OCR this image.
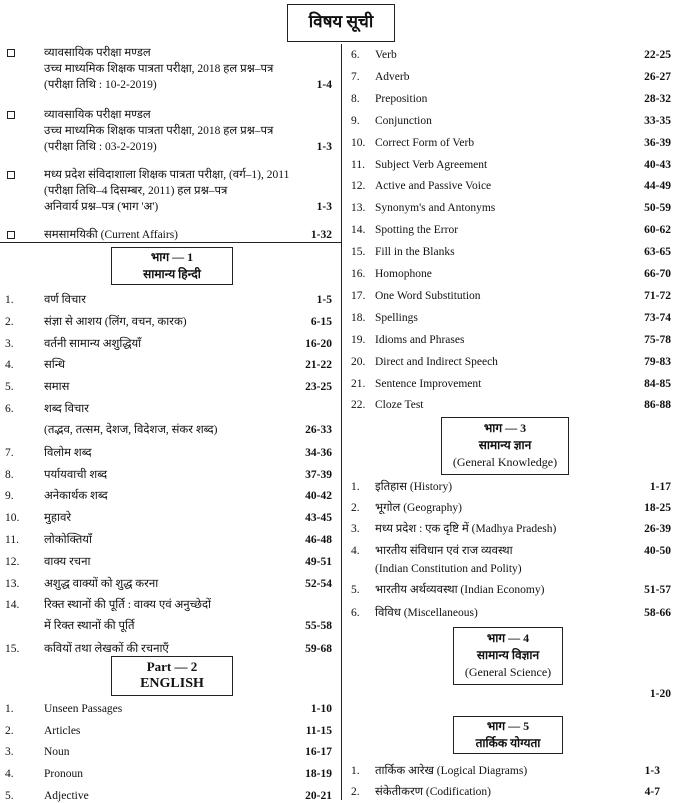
विषय सूची
व्यावसायिक परीक्षा मण्डल
उच्च माध्यमिक शिक्षक पात्रता परीक्षा, 2018 हल प्रश्न–पत्र
(परीक्षा तिथि : 10-2-2019)	1-4
व्यावसायिक परीक्षा मण्डल
उच्च माध्यमिक शिक्षक पात्रता परीक्षा, 2018 हल प्रश्न–पत्र
(परीक्षा तिथि : 03-2-2019)	1-3
मध्य प्रदेश संविदाशाला शिक्षक पात्रता परीक्षा, (वर्ग–1), 2011
(परीक्षा तिथि–4 दिसम्बर, 2011) हल प्रश्न–पत्र
अनिवार्य प्रश्न–पत्र (भाग 'अ')	1-3
समसामयिकी (Current Affairs)	1-32
भाग — 1
सामान्य हिन्दी
1.	वर्ण विचार	1-5
2.	संज्ञा से आशय (लिंग, वचन, कारक)	6-15
3.	वर्तनी सामान्य अशुद्धियाँ	16-20
4.	सन्धि	21-22
5.	समास	23-25
6.	शब्द विचार
(तद्भव, तत्सम, देशज, विदेशज, संकर शब्द)	26-33
7.	विलोम शब्द	34-36
8.	पर्यायवाची शब्द	37-39
9.	अनेकार्थक शब्द	40-42
10. मुहावरे	43-45
11. लोकोक्तियाँ	46-48
12. वाक्य रचना	49-51
13. अशुद्ध वाक्यों को शुद्ध करना	52-54
14. रिक्त स्थानों की पूर्ति : वाक्य एवं अनुच्छेदों
में रिक्त स्थानों की पूर्ति	55-58
15. कवियों तथा लेखकों की रचनाएँ	59-68
Part — 2
ENGLISH
1.	Unseen Passages	1-10
2.	Articles	11-15
3.	Noun	16-17
4.	Pronoun	18-19
5.	Adjective	20-21
6. Verb	22-25
7. Adverb	26-27
8. Preposition	28-32
9. Conjunction	33-35
10. Correct Form of Verb	36-39
11. Subject Verb Agreement	40-43
12. Active and Passive Voice	44-49
13. Synonym's and Antonyms	50-59
14. Spotting the Error	60-62
15. Fill in the Blanks	63-65
16. Homophone	66-70
17. One Word Substitution	71-72
18. Spellings	73-74
19. Idioms and Phrases	75-78
20. Direct and Indirect Speech	79-83
21. Sentence Improvement	84-85
22. Cloze Test	86-88
भाग — 3
सामान्य ज्ञान
(General Knowledge)
1. इतिहास (History)	1-17
2. भूगोल (Geography)	18-25
3. मध्य प्रदेश : एक दृष्टि में (Madhya Pradesh)	26-39
4. भारतीय संविधान एवं राज व्यवस्था
(Indian Constitution and Polity)
40-50
5. भारतीय अर्थव्यवस्था (Indian Economy)	51-57
6. विविध (Miscellaneous)	58-66
भाग — 4
सामान्य विज्ञान
(General Science)
1-20
भाग — 5
तार्किक योग्यता
1. तार्किक आरेख (Logical Diagrams)	1-3
2. संकेतीकरण (Codification)	4-7
